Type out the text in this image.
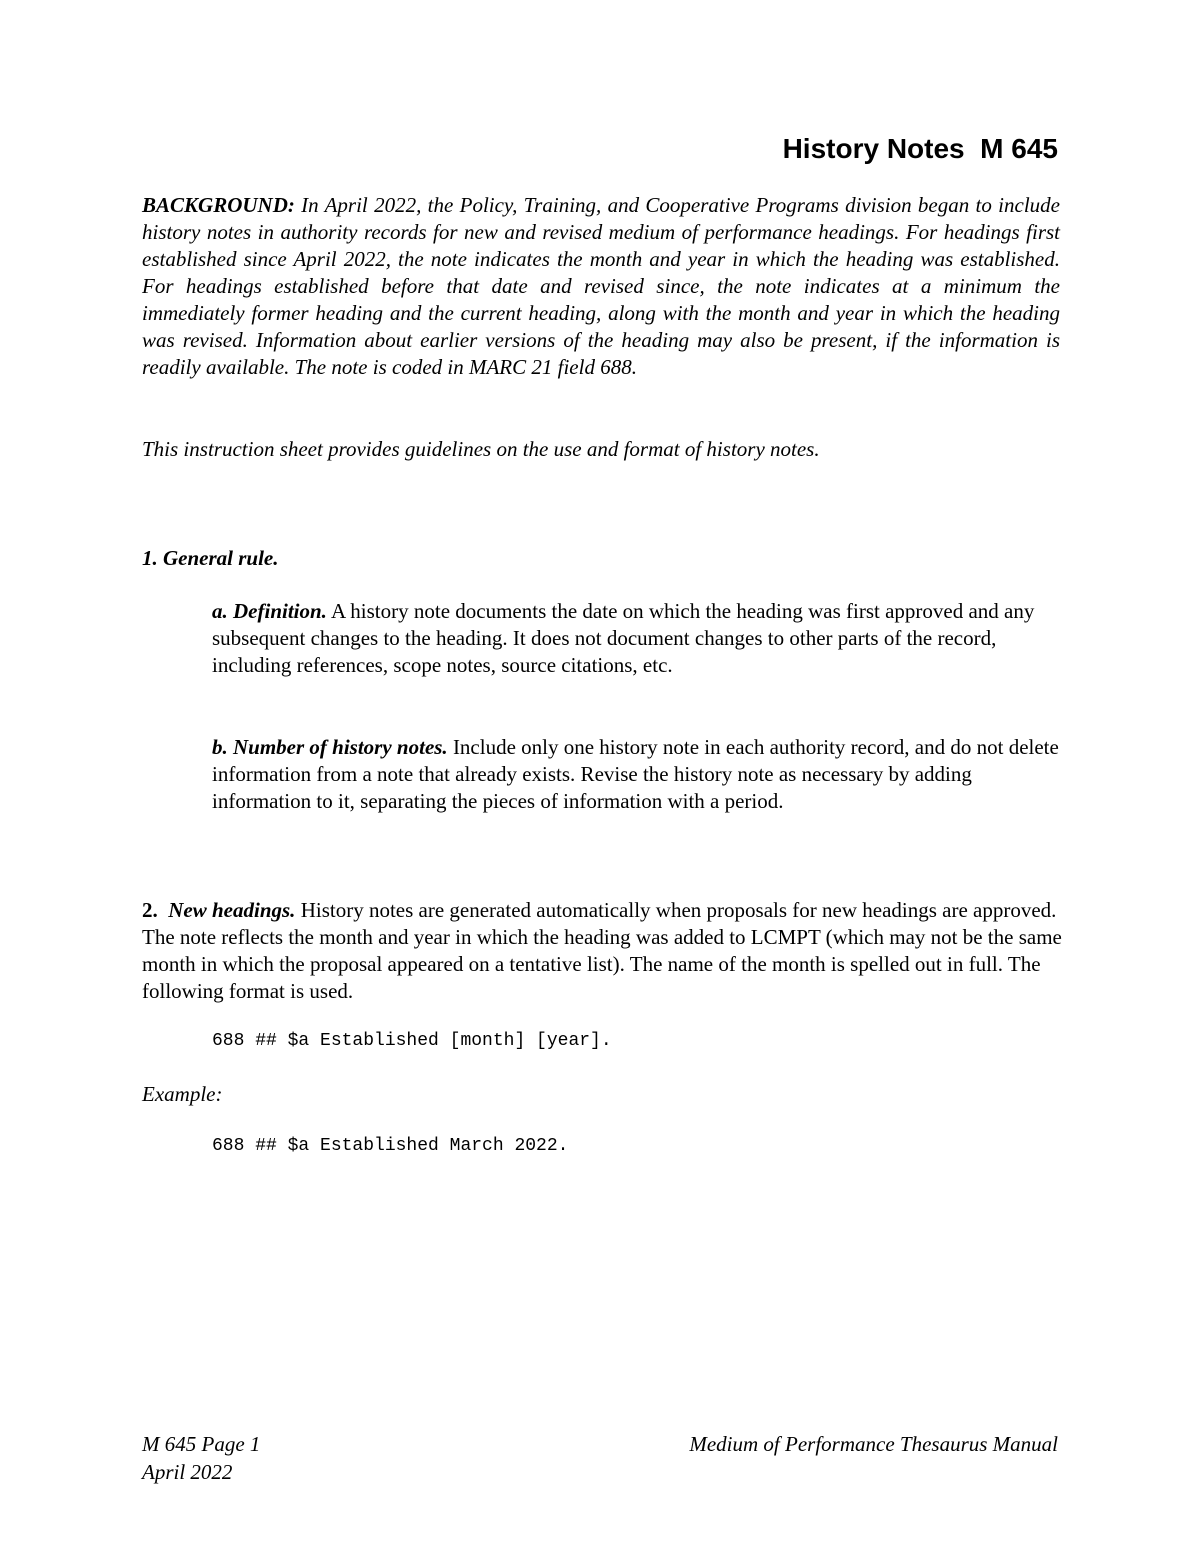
History Notes  M 645

BACKGROUND: In April 2022, the Policy, Training, and Cooperative Programs division began to include history notes in authority records for new and revised medium of performance headings. For headings first established since April 2022, the note indicates the month and year in which the heading was established. For headings established before that date and revised since, the note indicates at a minimum the immediately former heading and the current heading, along with the month and year in which the heading was revised. Information about earlier versions of the heading may also be present, if the information is readily available. The note is coded in MARC 21 field 688.

This instruction sheet provides guidelines on the use and format of history notes.

1. General rule.

a. Definition. A history note documents the date on which the heading was first approved and any subsequent changes to the heading. It does not document changes to other parts of the record, including references, scope notes, source citations, etc.

b. Number of history notes. Include only one history note in each authority record, and do not delete information from a note that already exists. Revise the history note as necessary by adding information to it, separating the pieces of information with a period.

2. New headings. History notes are generated automatically when proposals for new headings are approved. The note reflects the month and year in which the heading was added to LCMPT (which may not be the same month in which the proposal appeared on a tentative list). The name of the month is spelled out in full. The following format is used.

688 ## $a Established [month] [year].

Example:

688 ## $a Established March 2022.

M 645 Page 1
April 2022
Medium of Performance Thesaurus Manual
